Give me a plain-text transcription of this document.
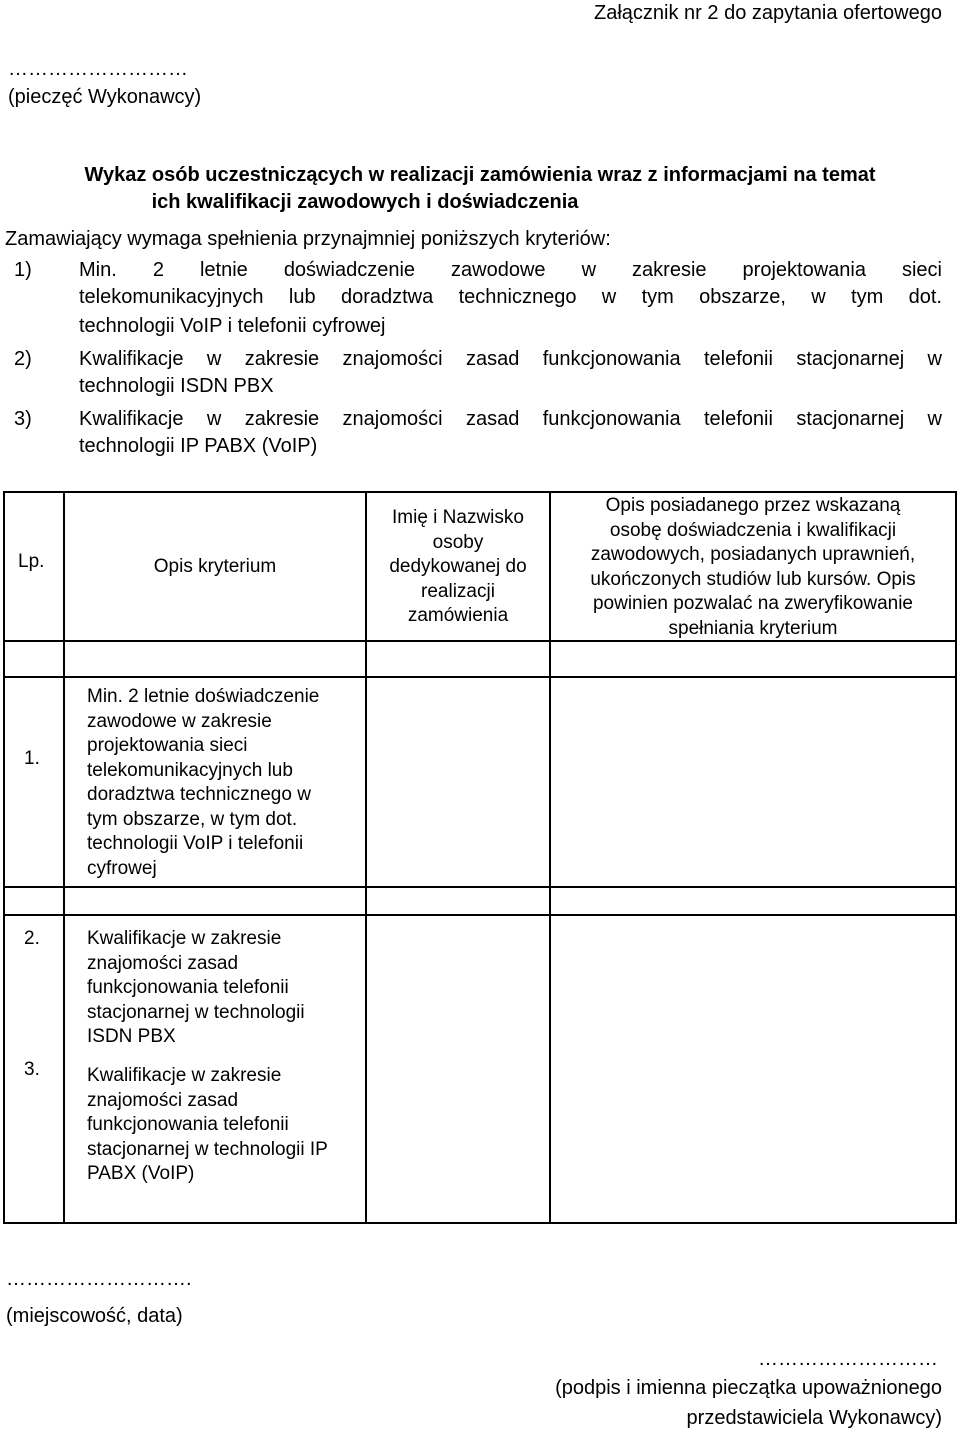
Załącznik nr 2 do zapytania ofertowego
………………………
(pieczęć Wykonawcy)
Wykaz osób uczestniczących w realizacji zamówienia wraz z informacjami na temat
ich kwalifikacji zawodowych i doświadczenia
Zamawiający wymaga spełnienia przynajmniej poniższych kryteriów:
1) Min. 2 letnie doświadczenie zawodowe w zakresie projektowania sieci
telekomunikacyjnych lub doradztwa technicznego w tym obszarze, w tym dot.
technologii VoIP i telefonii cyfrowej
2) Kwalifikacje w zakresie znajomości zasad funkcjonowania telefonii stacjonarnej w
technologii ISDN PBX
3) Kwalifikacje w zakresie znajomości zasad funkcjonowania telefonii stacjonarnej w
technologii IP PABX (VoIP)
Lp.	Opis kryterium
Imię i Nazwisko
osoby
dedykowanej do
realizacji
zamówienia
Opis posiadanego przez wskazaną
osobę doświadczenia i kwalifikacji
zawodowych, posiadanych uprawnień,
ukończonych studiów lub kursów. Opis
powinien pozwalać na zweryfikowanie
spełniania kryterium
1.
Min. 2 letnie doświadczenie
zawodowe w zakresie
projektowania sieci
telekomunikacyjnych lub
doradztwa technicznego w
tym obszarze, w tym dot.
technologii VoIP i telefonii
cyfrowej
2. Kwalifikacje w zakresie
znajomości zasad
funkcjonowania telefonii
stacjonarnej w technologii
ISDN PBX
3. Kwalifikacje w zakresie
znajomości zasad
funkcjonowania telefonii
stacjonarnej w technologii IP
PABX (VoIP)
……………………….
(miejscowość, data)
………………………
(podpis i imienna pieczątka upoważnionego
przedstawiciela Wykonawcy)
